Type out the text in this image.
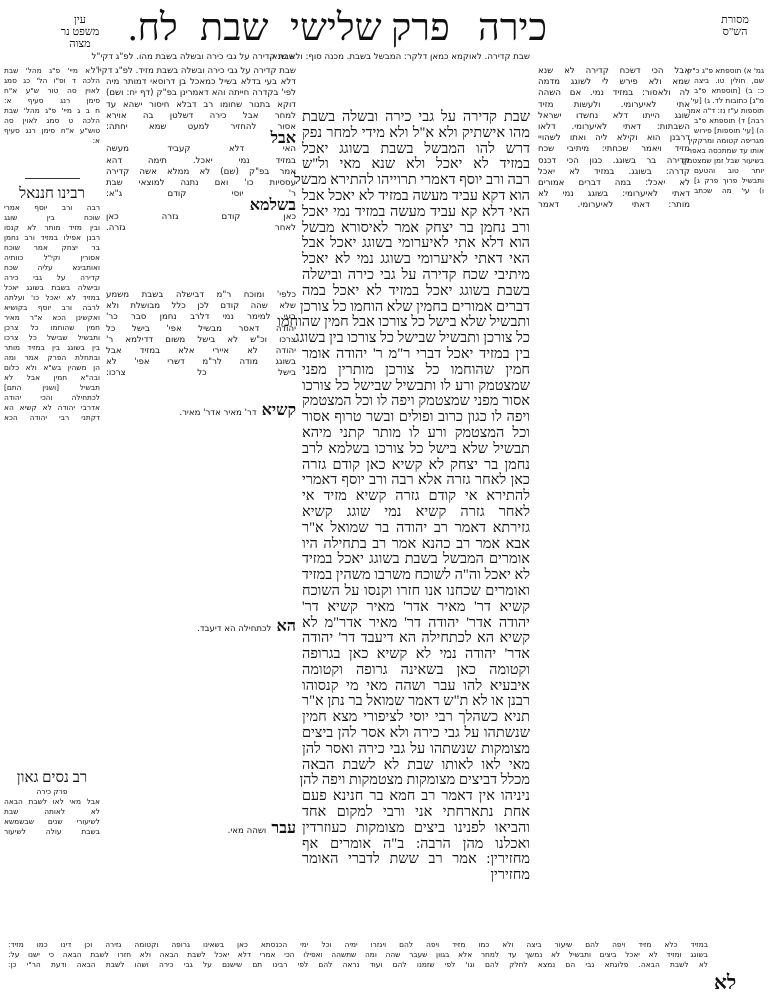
מסורת הש"ס
כירה
פרק שלישי
שבת
לח.
עין משפט נר מצוה
שבת קדירה. לאוקמא כמאן דלקר: המבשל בשבת. מכנה סוף: ולא שנא.
שבת קדירה על גבי כירה ובשלה בשבת מהו. לפ"ג דקי"ל
שבת קדירה על גבי כירה ובשלה בשבת
מהו אישתיק ולא א"ל ולא מידי למחר נפק
דרש להו המבשל בשבת בשוגג יאכל
במזיד לא יאכל ולא שנא מאי ול"ש
רבה ורב יוסף דאמרי תרוייהו להתירא מבשל
הוא דקא עביד מעשה במזיד לא יאכל אבל
האי דלא קא עביד מעשה במזיד נמי יאכל
ורב נחמן בר יצחק אמר לאיסורא מבשל
הוא דלא אתי לאיערומי בשוגג יאכל אבל
האי דאתי לאיערומי בשוגג נמי לא יאכל
מיתיבי שכח קדירה על גבי כירה ובישלה
בשבת בשוגג יאכל במזיד לא יאכל במה
דברים אמורים בחמין שלא הוחמו כל צורכן
ותבשיל שלא בישל כל צורכו אבל חמין שהוחמו
כל צורכן ותבשיל שבישל כל צורכו בין בשוגג
בין במזיד יאכל דברי ר"מ ר' יהודה אומר
חמין שהוחמו כל צורכן מותרין מפני
שמצטמק ורע לו ותבשיל שבישל כל צורכו
אסור מפני שמצטמק ויפה לו וכל המצטמק
ויפה לו כגון כרוב ופולים ובשר טרוף אסור
וכל המצטמק ורע לו מותר קתני מיהא
תבשיל שלא בישל כל צורכו בשלמא לרב
נחמן בר יצחק לא קשיא כאן קודם גזרה
כאן לאחר גזרה אלא רבה ורב יוסף דאמרי
להתירא אי קודם גזרה קשיא מזיד אי
לאחר גזרה קשיא נמי שוגג קשיא
גזירתא דאמר רב יהודה בר שמואל א"ר
אבא אמר רב כהנא אמר רב בתחילה היו
אומרים המבשל בשבת בשוגג יאכל במזיד
לא יאכל וה"ה לשוכח משרבו משהין במזיד
ואומרים שכחנו אנו חזרו וקנסו על השוכח
קשיא דר' מאיר אדר' מאיר קשיא דר'
יהודה אדר' יהודה דר' מאיר אדר"מ לא
קשיא הא לכתחילה הא דיעבד דר' יהודה
אדר' יהודה נמי לא קשיא כאן בגרופה
וקטומה כאן בשאינה גרופה וקטומה
איבעיא להו עבר ושהה מאי מי קנסוהו
רבנן או לא ת"ש דאמר שמואל בר נתן א"ר
תניא כשהלך רבי יוסי לציפורי מצא חמין
שנשתהו על גבי כירה ולא אסר להן ביצים
מצומקות שנשתהו על גבי כירה ואסר להן
מאי לאו לאותו שבת לא לשבת הבאה
מכלל דביצים מצומקות מצטמקות ויפה להן
ניניהו אין דאמר רב חמא בר חנינא פעם
אחת נתארחתי אני ורבי למקום אחד
והביאו לפנינו ביצים מצומקות כעוזרדין
ואכלנו מהן הרבה: ב"ה אומרים אף
מחזירין: אמר רב ששת לדברי האומר
מחזירין
אבל הכי דשכח קדירה לא שנא
שמא ולא פירש לי לשוגג מדמה
לה ולאסור: במזיד נמי. אם השהה
אתי לאיערומי. ולעשות מזיד
שוגג הייתו דלא נחשדו ישראל
השבתות: דאתי לאיערומי. דלאו
דרבנן הוא וקילא ליה ואתו לשהויי
מזיד ויאמר שכחתי: מיתיבי שכח
קדירה בר בשוגג. כגון הכי דכנס
קדרה: בשוגג. במזיד לא יאכל
לא יאכל: במה דברים אמורים
דאתי לאיערומי: בשוגג נמי לא
מותר: דאתי לאיערומי. דאמר
שבת קדירה על גבי כירה ובשלה בשבת מזיד. לפ"ג דקי"ל
דלא בעי בדלא בשיל כמאכל בן דרוסאי דמותר מיה
לפי' בקדרה חייתה והא דאמרינן בפ"ק (דף יח: ושם)
דוקא בתנור שחומו רב דבלא חיסור ישהא עד
למחר אבל כירה דשלטן בה אוירא
אסור להחזיר למעט שמא יחתה:
אבל
האי דלא קעביד מעשה
במזיד נמי יאכל. תימה דהא
אמר בפ"ק (שם) לא ממלא אשה קדירה
עססיות כו' ואם נתנה למוצאי שבת
ר' יוסי קודם ג"א:
בשלמא
כאן קודם גזרה כאן
לאחר גזרה.
כלפי' ומוכח ר"מ דבישלה בשבת משמע
שלא שהה קודם לכן כלל מבושלת ולא
בעי למימר נמי דלרב נחמן סבר כר'
יהודה דאסר מבשיל אפי' בישל כל
צרכו וכ"ש לא בישל משום דדילמא ר'
יהודה לא איירי אלא במזיד אבל
בשוגג מודה לר"מ דשרי אפי' לא
בישל כל צרכו:
קשיא דר' מאיר אדר' מאיר.
הא לכתחילה הא דיעבד.
עבר ושהה מאי.
גמ' א) תוספתא פ"ג כ"ק
שם, חולין טו. ביצה
כ: ב) [תוספתא פ"ב
מ"ג] כתובות לד. ג) [עי'
תוספות ע"ז נז: ד"ה אמר
רבה] ד) תוספתא פ"ב
ה) [עי' תוספות] פירוש
מגריפה קטומה ומרקקין
אותו עד שמתכסה באפר
בשיעור שבל זמן שמצטמק
יותר טוב והטעם
ותבשיל פרוך פרק ג]
ו) עי' מה שכתב
ז א מיי' פ"ג מהל' שבת
הלכה ד ופ"ו הל' כג סמג
לאוין סה טור ש"ע א"ח
סימן רנג סעיף א:
ח ב ג מיי' פ"ג מהל' שבת
הלכה ט סמג לאוין סה
טוש"ע א"ח סימן רנג סעיף
א:
רבינו חננאל
רבה ורב יוסף אמרי
שוכח בין שוגג
ובין מזיד מותר לא קנסו
רבנן אפילו במזיד ורב נחמן
בר יצחק אמר שוכח
אסורין וקי"ל כוותיה
ואותבינא עליה שכח
קדירה על גבי כירה
ובישלה בשבת בשוגג יאכל
במזיד לא יאכל כו' ועלתה
לרבה ורב יוסף בקושיא
ואקשינן הכא א"ר מאיר
חמין שהוחמו כל צרכן
ותבשיל שבישל כל צרכו
בין בשוגג בין במזיד מותר
ובתחלת הפרק אמר ומה
הן משהין בש"א ולא כלום
ובה"א חמין אבל לא
תבשיל [ושנין התם]
לכתחילה והכי יהודה
אדרבי יהודה לא קשיא הא
דקתני רבי יהודה הכא
רב נסים גאון
פרק כירה
אבל מאי לאו לשבת הבאה
לא לאותה שבת
לשיעורי שנים שבשמשא
בשבת עולה לשיעור
במזיד כלא מזיד ויפה להם שיעור ביצה ולא כמו מזיד ויפה להם ויגזרו ימיה וכל ימי הכנסתא כאן בשאינו גרופה וקטומה גזירה וכן דינו כמו מזיד:
בשוגג ומזיד לא יאכל ביצים ותבשיל לא נמשך עד למחר אלא בגוון שעבר שהה ומה שתשהה ואפילו הכי אמרי דלא יאכל לשבת הבאה ולא חזרו לשבת הבאה כי ישנו על:
לא לשבת הבאה. פלוגתא גבי הם נמצא לחלק להם וגו' לפי שזמנו להם ועוד נראה להם לפי רבינו תם שישנם על גבי כירה ושהו לשבת הבאה ודעת הר"י כן:
לא
